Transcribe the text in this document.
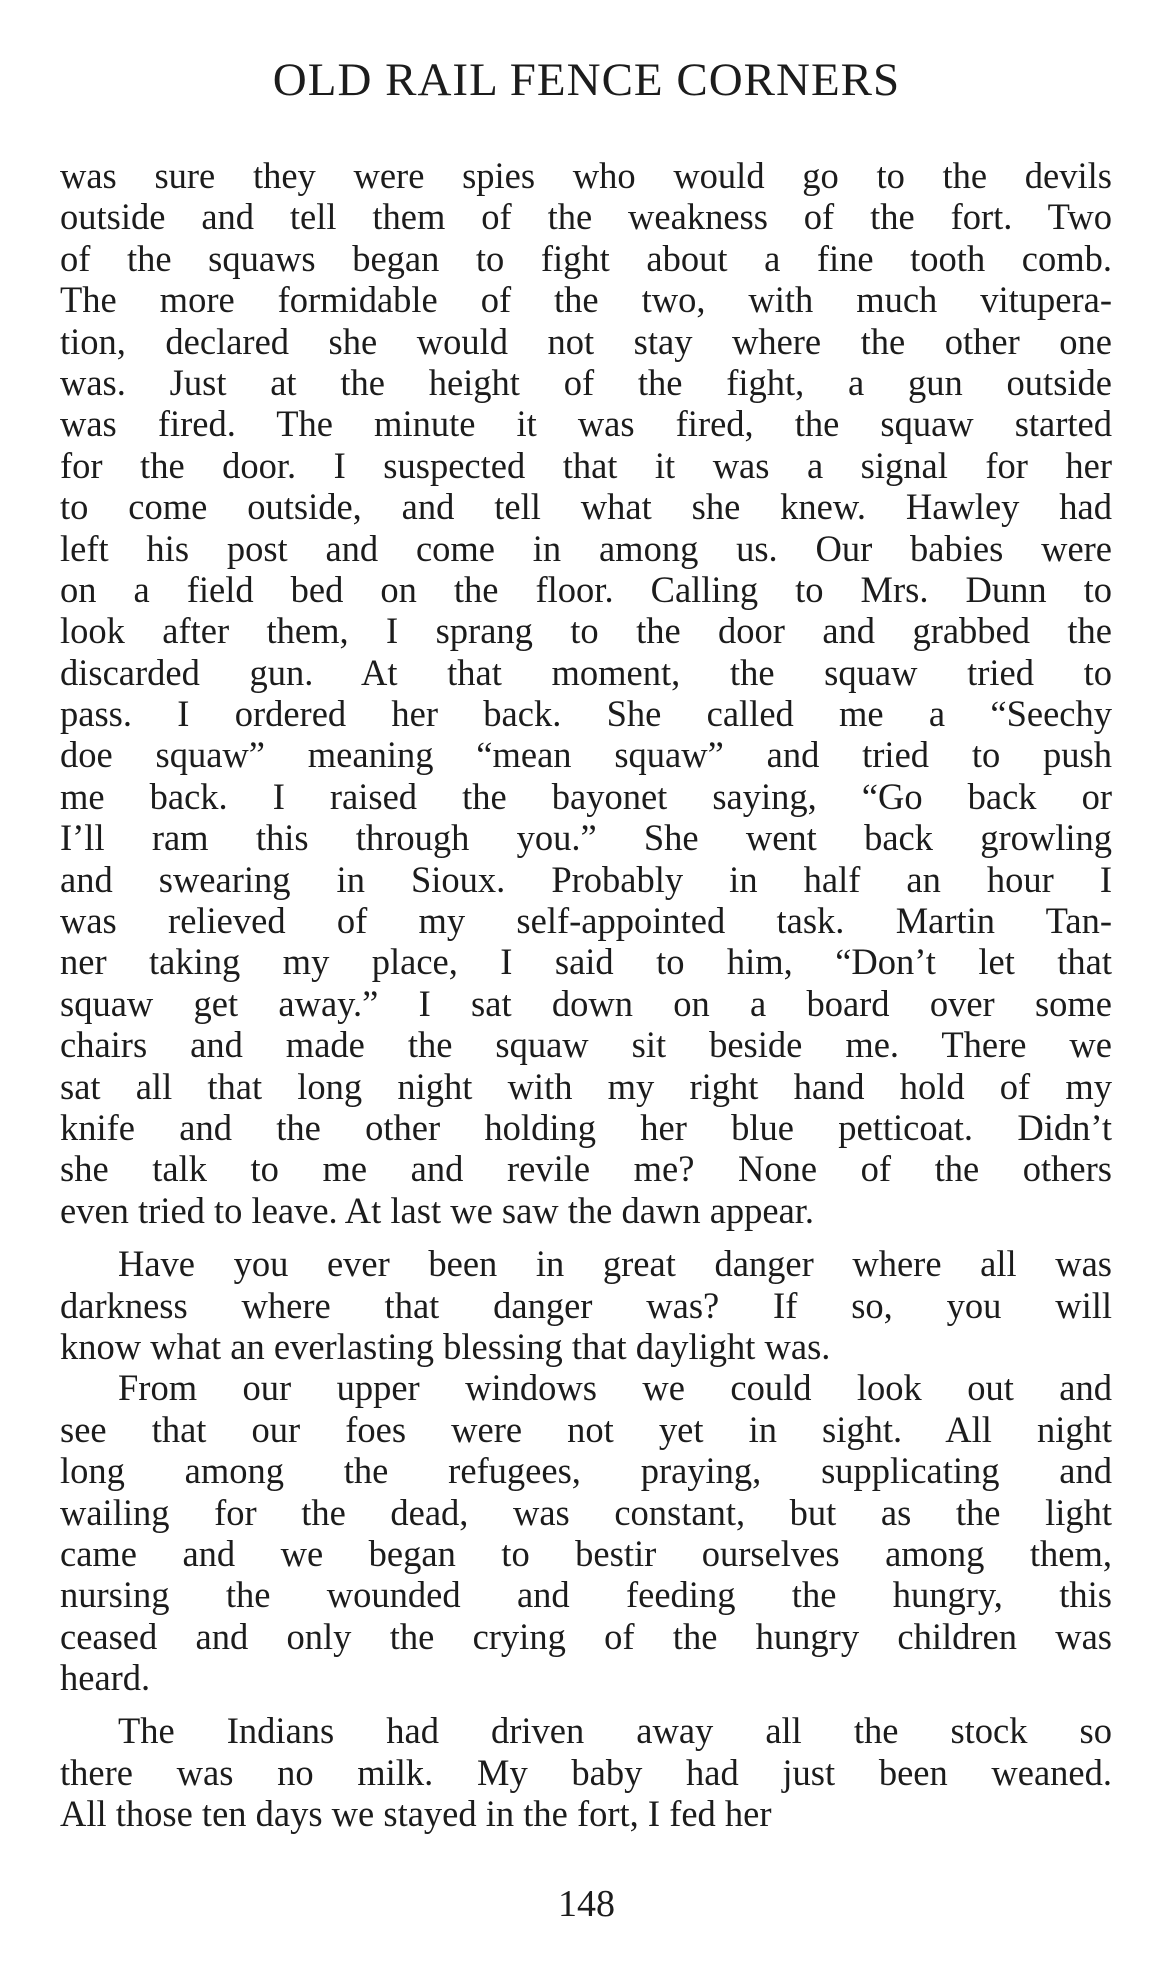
OLD RAIL FENCE CORNERS
was sure they were spies who would go to the devils
outside and tell them of the weakness of the fort. Two
of the squaws began to fight about a fine tooth comb.
The more formidable of the two, with much vitupera-
tion, declared she would not stay where the other one
was. Just at the height of the fight, a gun outside
was fired. The minute it was fired, the squaw started
for the door. I suspected that it was a signal for her
to come outside, and tell what she knew. Hawley had
left his post and come in among us. Our babies were
on a field bed on the floor. Calling to Mrs. Dunn to
look after them, I sprang to the door and grabbed the
discarded gun. At that moment, the squaw tried to
pass. I ordered her back. She called me a “Seechy
doe squaw” meaning “mean squaw” and tried to push
me back. I raised the bayonet saying, “Go back or
I’ll ram this through you.” She went back growling
and swearing in Sioux. Probably in half an hour I
was relieved of my self-appointed task. Martin Tan-
ner taking my place, I said to him, “Don’t let that
squaw get away.” I sat down on a board over some
chairs and made the squaw sit beside me. There we
sat all that long night with my right hand hold of my
knife and the other holding her blue petticoat. Didn’t
she talk to me and revile me? None of the others
even tried to leave. At last we saw the dawn appear.
Have you ever been in great danger where all was
darkness where that danger was? If so, you will
know what an everlasting blessing that daylight was.
From our upper windows we could look out and
see that our foes were not yet in sight. All night
long among the refugees, praying, supplicating and
wailing for the dead, was constant, but as the light
came and we began to bestir ourselves among them,
nursing the wounded and feeding the hungry, this
ceased and only the crying of the hungry children was
heard.
The Indians had driven away all the stock so
there was no milk. My baby had just been weaned.
All those ten days we stayed in the fort, I fed her
148
